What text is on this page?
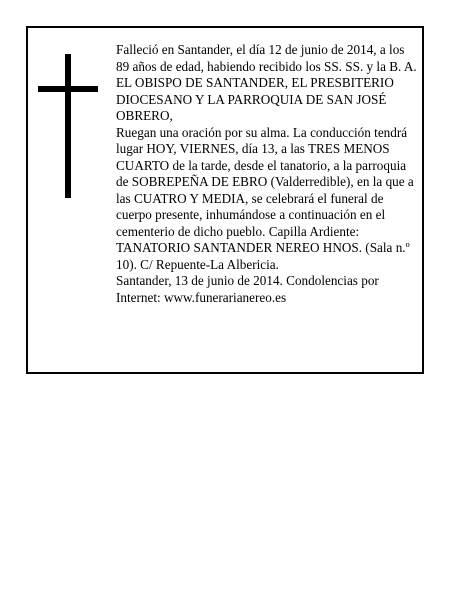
Falleció en Santander, el día 12 de junio de 2014, a los 89 años de edad, habiendo recibido los SS. SS. y la B. A.

EL OBISPO DE SANTANDER, EL PRESBITERIO DIOCESANO Y LA PARROQUIA DE SAN JOSÉ OBRERO,

Ruegan una oración por su alma. La conducción tendrá lugar HOY, VIERNES, día 13, a las TRES MENOS CUARTO de la tarde, desde el tanatorio, a la parroquia de SOBREPEÑA DE EBRO (Valderredible), en la que a las CUATRO Y MEDIA, se celebrará el funeral de cuerpo presente, inhumándose a continuación en el cementerio de dicho pueblo. Capilla Ardiente: TANATORIO SANTANDER NEREO HNOS. (Sala n.º 10). C/ Repuente-La Albericia.

Santander, 13 de junio de 2014. Condolencias por Internet: www.funerarianereo.es
